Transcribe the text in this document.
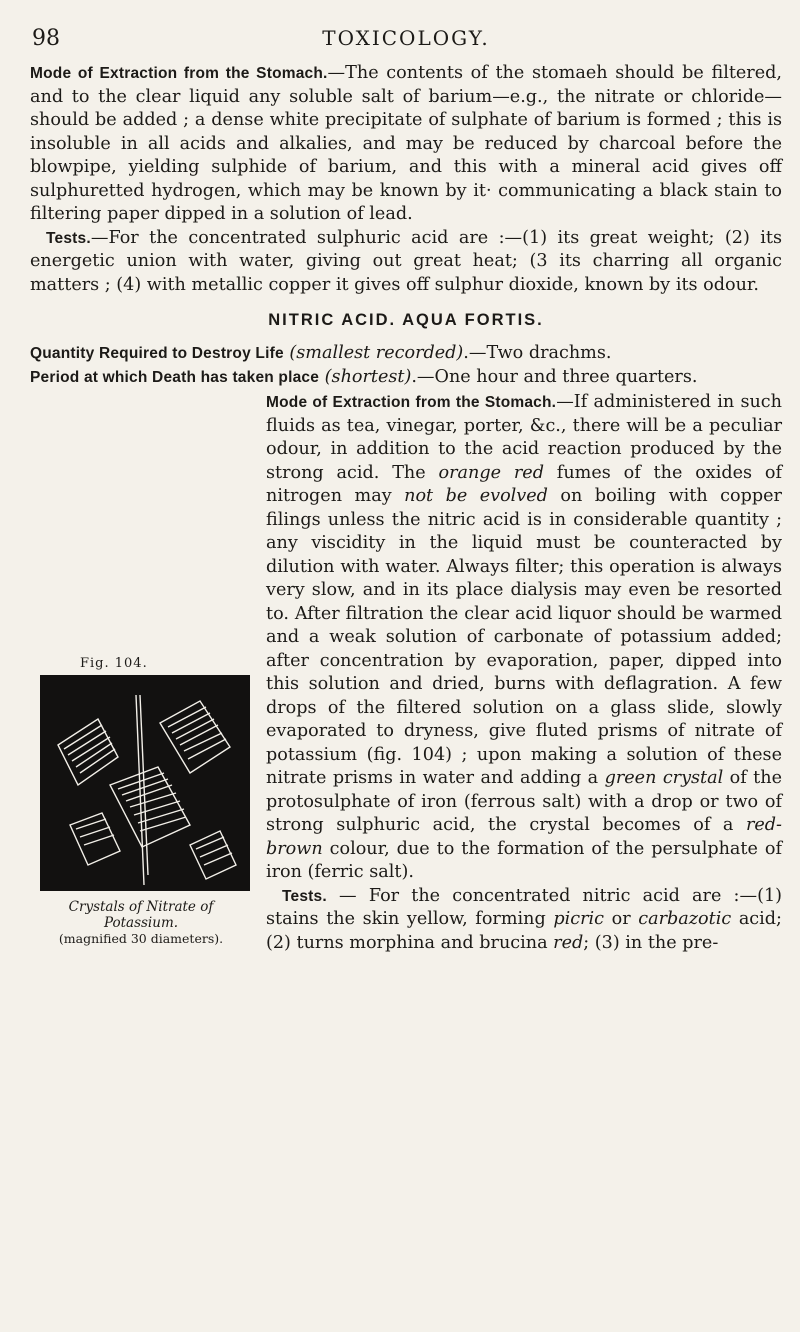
98	TOXICOLOGY.

Mode of Extraction from the Stomach.—The contents of the stomaeh should be filtered, and to the clear liquid any soluble salt of barium—e.g., the nitrate or chloride—should be added ; a dense white precipitate of sulphate of barium is formed ; this is insoluble in all acids and alkalies, and may be reduced by charcoal before the blowpipe, yielding sulphide of barium, and this with a mineral acid gives off sulphuretted hydrogen, which may be known by it· communicating a black stain to filtering paper dipped in a solution of lead.

Tests.—For the concentrated sulphuric acid are :—(1) its great weight; (2) its energetic union with water, giving out great heat; (3 its charring all organic matters ; (4) with metallic copper it gives off sulphur dioxide, known by its odour.

NITRIC ACID. AQUA FORTIS.

Quantity Required to Destroy Life (smallest recorded).—Two drachms.

Period at which Death has taken place (shortest).—One hour and three quarters.

Fig. 104.
Crystals of Nitrate of Potassium.
(magnified 30 diameters).

Mode of Extraction from the Stomach.—If administered in such fluids as tea, vinegar, porter, &c., there will be a peculiar odour, in addition to the acid reaction produced by the strong acid. The orange red fumes of the oxides of nitrogen may not be evolved on boiling with copper filings unless the nitric acid is in considerable quantity ; any viscidity in the liquid must be counteracted by dilution with water. Always filter; this operation is always very slow, and in its place dialysis may even be resorted to. After filtration the clear acid liquor should be warmed and a weak solution of carbonate of potassium added; after concentration by evaporation, paper, dipped into this solution and dried, burns with deflagration. A few drops of the filtered solution on a glass slide, slowly evaporated to dryness, give fluted prisms of nitrate of potassium (fig. 104) ; upon making a solution of these nitrate prisms in water and adding a green crystal of the protosulphate of iron (ferrous salt) with a drop or two of strong sulphuric acid, the crystal becomes of a red-brown colour, due to the formation of the persulphate of iron (ferric salt).

Tests. — For the concentrated nitric acid are :—(1) stains the skin yellow, forming picric or carbazotic acid; (2) turns morphina and brucina red; (3) in the pre-
